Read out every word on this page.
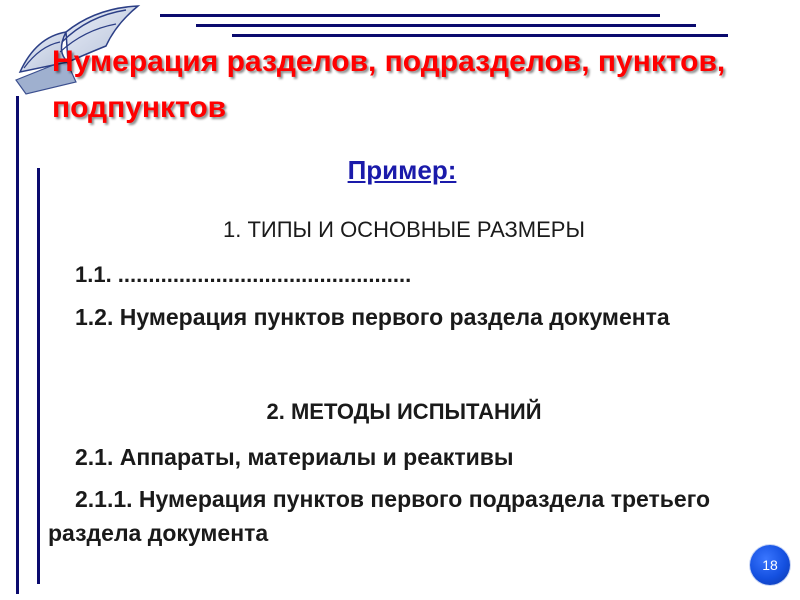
Нумерация разделов, подразделов, пунктов, подпунктов
Пример:

1. ТИПЫ И ОСНОВНЫЕ РАЗМЕРЫ

1.1. ................................................

1.2. Нумерация пунктов первого раздела документа

2. МЕТОДЫ ИСПЫТАНИЙ

2.1. Аппараты, материалы и реактивы

2.1.1. Нумерация пунктов первого подраздела третьего раздела документа

18
